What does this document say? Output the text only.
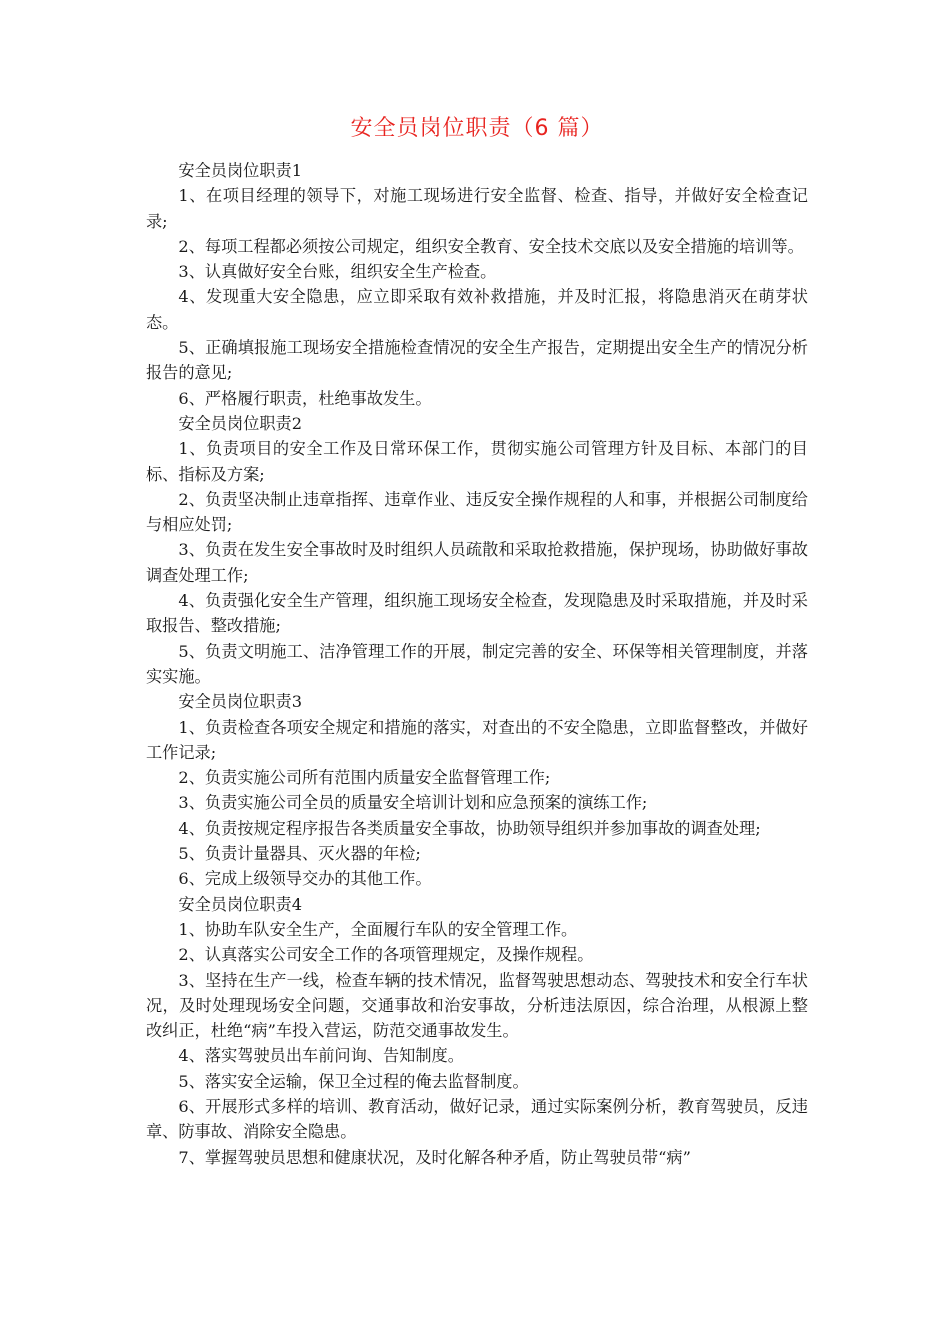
安全员岗位职责（6 篇）

安全员岗位职责1

1、在项目经理的领导下，对施工现场进行安全监督、检查、指导，并做好安全检查记录;

2、每项工程都必须按公司规定，组织安全教育、安全技术交底以及安全措施的培训等。

3、认真做好安全台账，组织安全生产检查。

4、发现重大安全隐患，应立即采取有效补救措施，并及时汇报，将隐患消灭在萌芽状态。

5、正确填报施工现场安全措施检查情况的安全生产报告，定期提出安全生产的情况分析报告的意见;

6、严格履行职责，杜绝事故发生。

安全员岗位职责2

1、负责项目的安全工作及日常环保工作，贯彻实施公司管理方针及目标、本部门的目标、指标及方案;

2、负责坚决制止违章指挥、违章作业、违反安全操作规程的人和事，并根据公司制度给与相应处罚;

3、负责在发生安全事故时及时组织人员疏散和采取抢救措施，保护现场，协助做好事故调查处理工作;

4、负责强化安全生产管理，组织施工现场安全检查，发现隐患及时采取措施，并及时采取报告、整改措施;

5、负责文明施工、洁净管理工作的开展，制定完善的安全、环保等相关管理制度，并落实实施。

安全员岗位职责3

1、负责检查各项安全规定和措施的落实，对查出的不安全隐患，立即监督整改，并做好工作记录;

2、负责实施公司所有范围内质量安全监督管理工作;

3、负责实施公司全员的质量安全培训计划和应急预案的演练工作;

4、负责按规定程序报告各类质量安全事故，协助领导组织并参加事故的调查处理;

5、负责计量器具、灭火器的年检;

6、完成上级领导交办的其他工作。

安全员岗位职责4

1、协助车队安全生产，全面履行车队的安全管理工作。

2、认真落实公司安全工作的各项管理规定，及操作规程。

3、坚持在生产一线，检查车辆的技术情况，监督驾驶思想动态、驾驶技术和安全行车状况，及时处理现场安全问题，交通事故和治安事故，分析违法原因，综合治理，从根源上整改纠正，杜绝“病”车投入营运，防范交通事故发生。

4、落实驾驶员出车前问询、告知制度。

5、落实安全运输，保卫全过程的俺去监督制度。

6、开展形式多样的培训、教育活动，做好记录，通过实际案例分析，教育驾驶员，反违章、防事故、消除安全隐患。

7、掌握驾驶员思想和健康状况，及时化解各种矛盾，防止驾驶员带“病”
